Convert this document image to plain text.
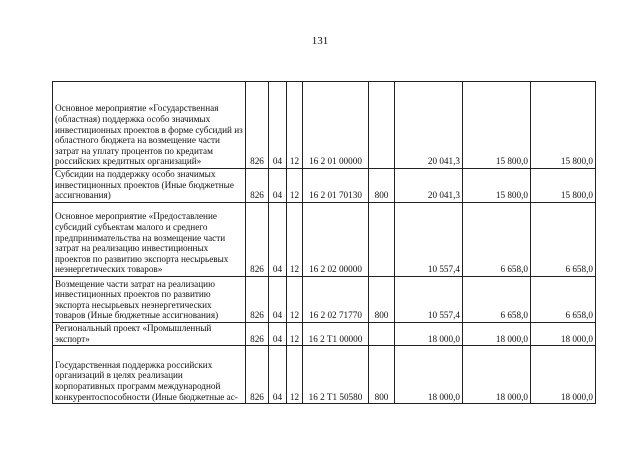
131
Основное мероприятие «Государственная (областная) поддержка особо значимых инвестиционных проектов в форме субсидий из областного бюджета на возмещение части затрат на уплату процентов по кредитам российских кредитных организаций»	826	04	12	16 2 01 00000		20 041,3	15 800,0	15 800,0
Субсидии на поддержку особо значимых инвестиционных проектов (Иные бюджетные ассигнования)	826	04	12	16 2 01 70130	800	20 041,3	15 800,0	15 800,0
Основное мероприятие «Предоставление субсидий субъектам малого и среднего предпринимательства на возмещение части затрат на реализацию инвестиционных проектов по развитию экспорта несырьевых неэнергетических товаров»	826	04	12	16 2 02 00000		10 557,4	6 658,0	6 658,0
Возмещение части затрат на реализацию инвестиционных проектов по развитию экспорта несырьевых неэнергетических товаров (Иные бюджетные ассигнования)	826	04	12	16 2 02 71770	800	10 557,4	6 658,0	6 658,0
Региональный проект «Промышленный экспорт»	826	04	12	16 2 T1 00000		18 000,0	18 000,0	18 000,0
Государственная поддержка российских организаций в целях реализации корпоративных программ международной конкурентоспособности (Иные бюджетные ас-	826	04	12	16 2 T1 50580	800	18 000,0	18 000,0	18 000,0
